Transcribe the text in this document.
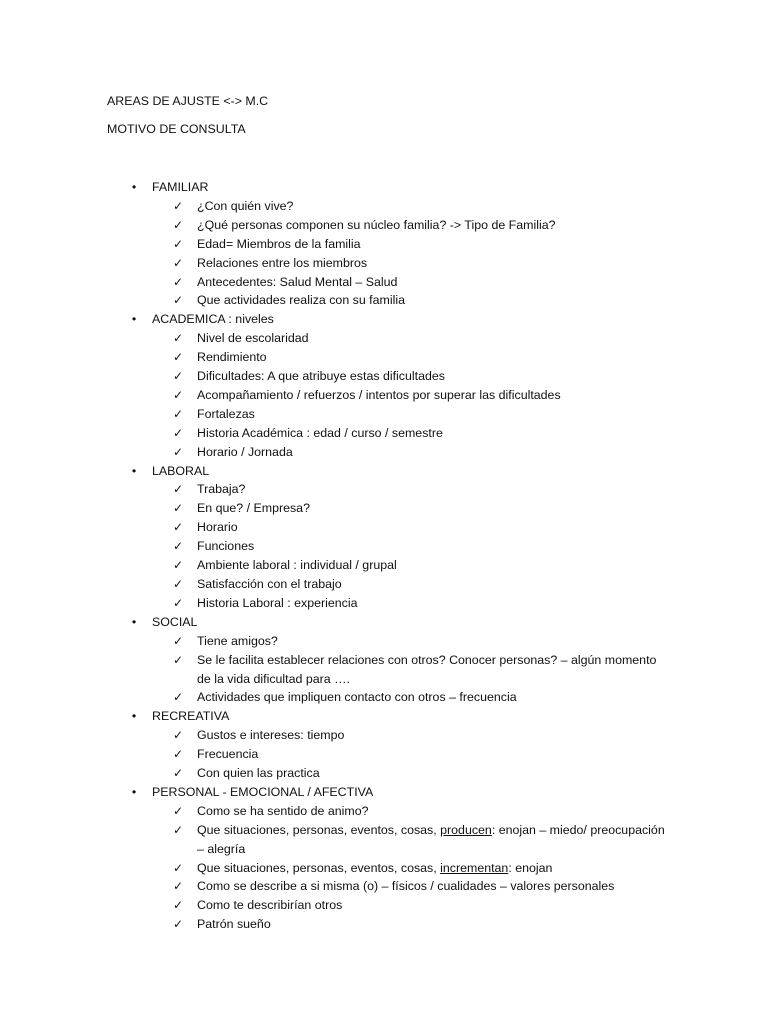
AREAS DE AJUSTE <-> M.C
MOTIVO DE CONSULTA
• FAMILIAR
✓	¿Con quién vive?
✓	¿Qué personas componen su núcleo familia? -> Tipo de Familia?
✓	Edad= Miembros de la familia
✓	Relaciones entre los miembros
✓	Antecedentes: Salud Mental – Salud
✓	Que actividades realiza con su familia
• ACADEMICA : niveles
✓	Nivel de escolaridad
✓	Rendimiento
✓	Dificultades: A que atribuye estas dificultades
✓	Acompañamiento / refuerzos / intentos por superar las dificultades
✓	Fortalezas
✓	Historia Académica : edad / curso / semestre
✓	Horario / Jornada
• LABORAL
✓	Trabaja?
✓	En que? / Empresa?
✓	Horario
✓	Funciones
✓	Ambiente laboral : individual / grupal
✓	Satisfacción con el trabajo
✓	Historia Laboral : experiencia
• SOCIAL
✓	Tiene amigos?
✓	Se le facilita establecer relaciones con otros? Conocer personas? – algún momento de la vida dificultad para ….
✓	Actividades que impliquen contacto con otros – frecuencia
• RECREATIVA
✓	Gustos e intereses: tiempo
✓	Frecuencia
✓	Con quien las practica
• PERSONAL - EMOCIONAL / AFECTIVA
✓	Como se ha sentido de animo?
✓	Que situaciones, personas, eventos, cosas, producen: enojan – miedo/ preocupación – alegría
✓	Que situaciones, personas, eventos, cosas, incrementan: enojan
✓	Como se describe a si misma (o) – físicos / cualidades – valores personales
✓	Como te describirían otros
✓	Patrón sueño
